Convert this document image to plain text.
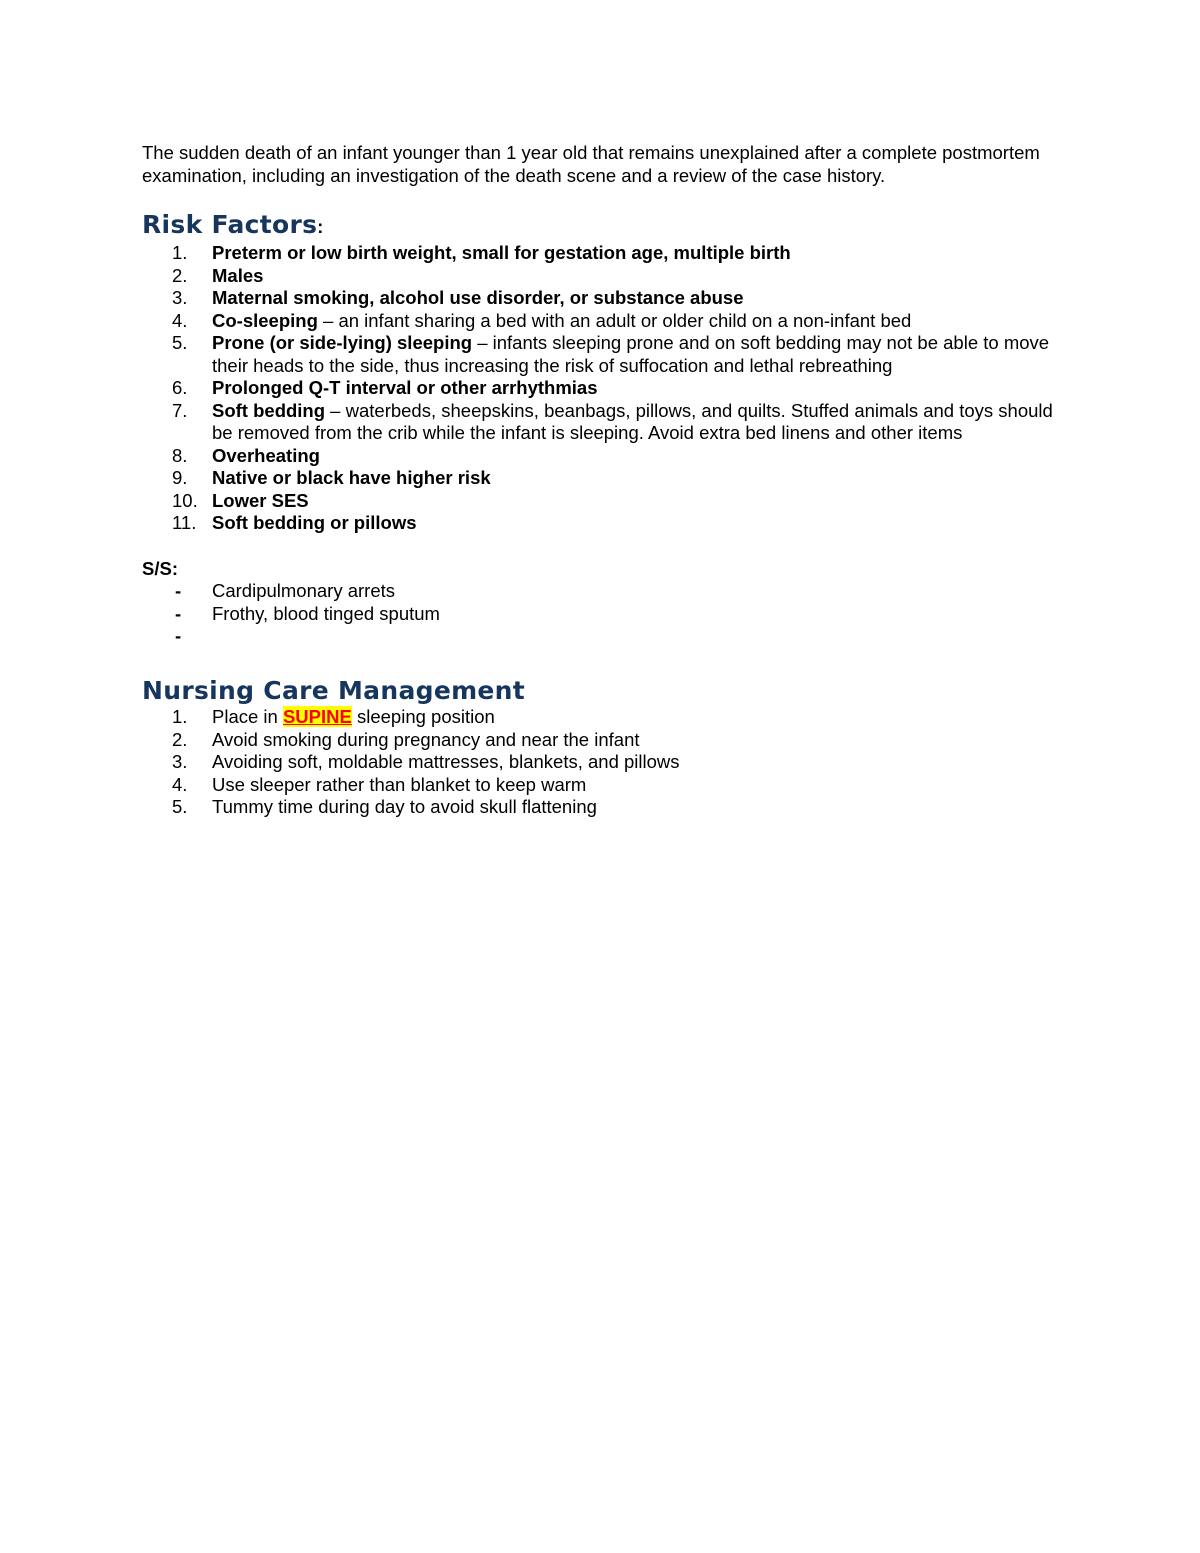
The sudden death of an infant younger than 1 year old that remains unexplained after a complete postmortem examination, including an investigation of the death scene and a review of the case history.

Risk Factors:
1.	Preterm or low birth weight, small for gestation age, multiple birth
2.	Males
3.	Maternal smoking, alcohol use disorder, or substance abuse
4.	Co-sleeping – an infant sharing a bed with an adult or older child on a non-infant bed
5.	Prone (or side-lying) sleeping – infants sleeping prone and on soft bedding may not be able to move their heads to the side, thus increasing the risk of suffocation and lethal rebreathing
6.	Prolonged Q-T interval or other arrhythmias
7.	Soft bedding – waterbeds, sheepskins, beanbags, pillows, and quilts. Stuffed animals and toys should be removed from the crib while the infant is sleeping. Avoid extra bed linens and other items
8.	Overheating
9.	Native or black have higher risk
10. Lower SES
11. Soft bedding or pillows

S/S:

- Cardipulmonary arrets
- Frothy, blood tinged sputum
-
Nursing Care Management
1.	Place in SUPINE sleeping position
2.	Avoid smoking during pregnancy and near the infant
3.	Avoiding soft, moldable mattresses, blankets, and pillows
4.	Use sleeper rather than blanket to keep warm
5.	Tummy time during day to avoid skull flattening
